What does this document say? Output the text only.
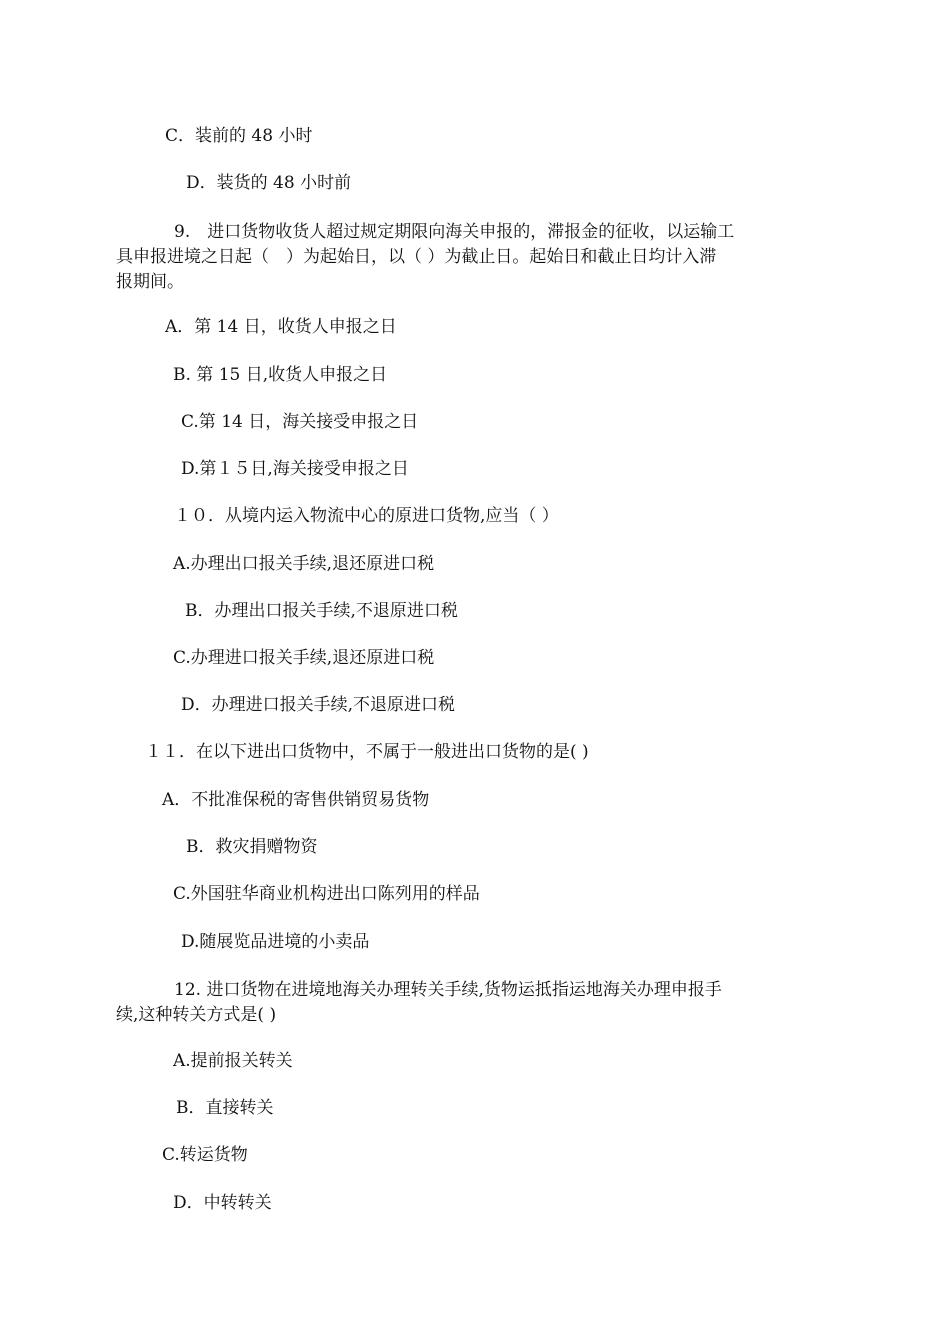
C．装前的 48 小时

D．装货的 48 小时前

9.　进口货物收货人超过规定期限向海关申报的，滞报金的征收，以运输工
具申报进境之日起（　）为起始日，以（ ）为截止日。起始日和截止日均计入滞
报期间。

A．第 14 日，收货人申报之日

B. 第 15 日,收货人申报之日

C.第 14 日，海关接受申报之日

D.第１５日,海关接受申报之日

１０．从境内运入物流中心的原进口货物,应当（ ）

A.办理出口报关手续,退还原进口税

B．办理出口报关手续,不退原进口税

C.办理进口报关手续,退还原进口税

D．办理进口报关手续,不退原进口税

１１．在以下进出口货物中，不属于一般进出口货物的是( )

A．不批准保税的寄售供销贸易货物

B．救灾捐赠物资

C.外国驻华商业机构进出口陈列用的样品

D.随展览品进境的小卖品

12. 进口货物在进境地海关办理转关手续,货物运抵指运地海关办理申报手
续,这种转关方式是( )

A.提前报关转关

B．直接转关

C.转运货物

D．中转转关
